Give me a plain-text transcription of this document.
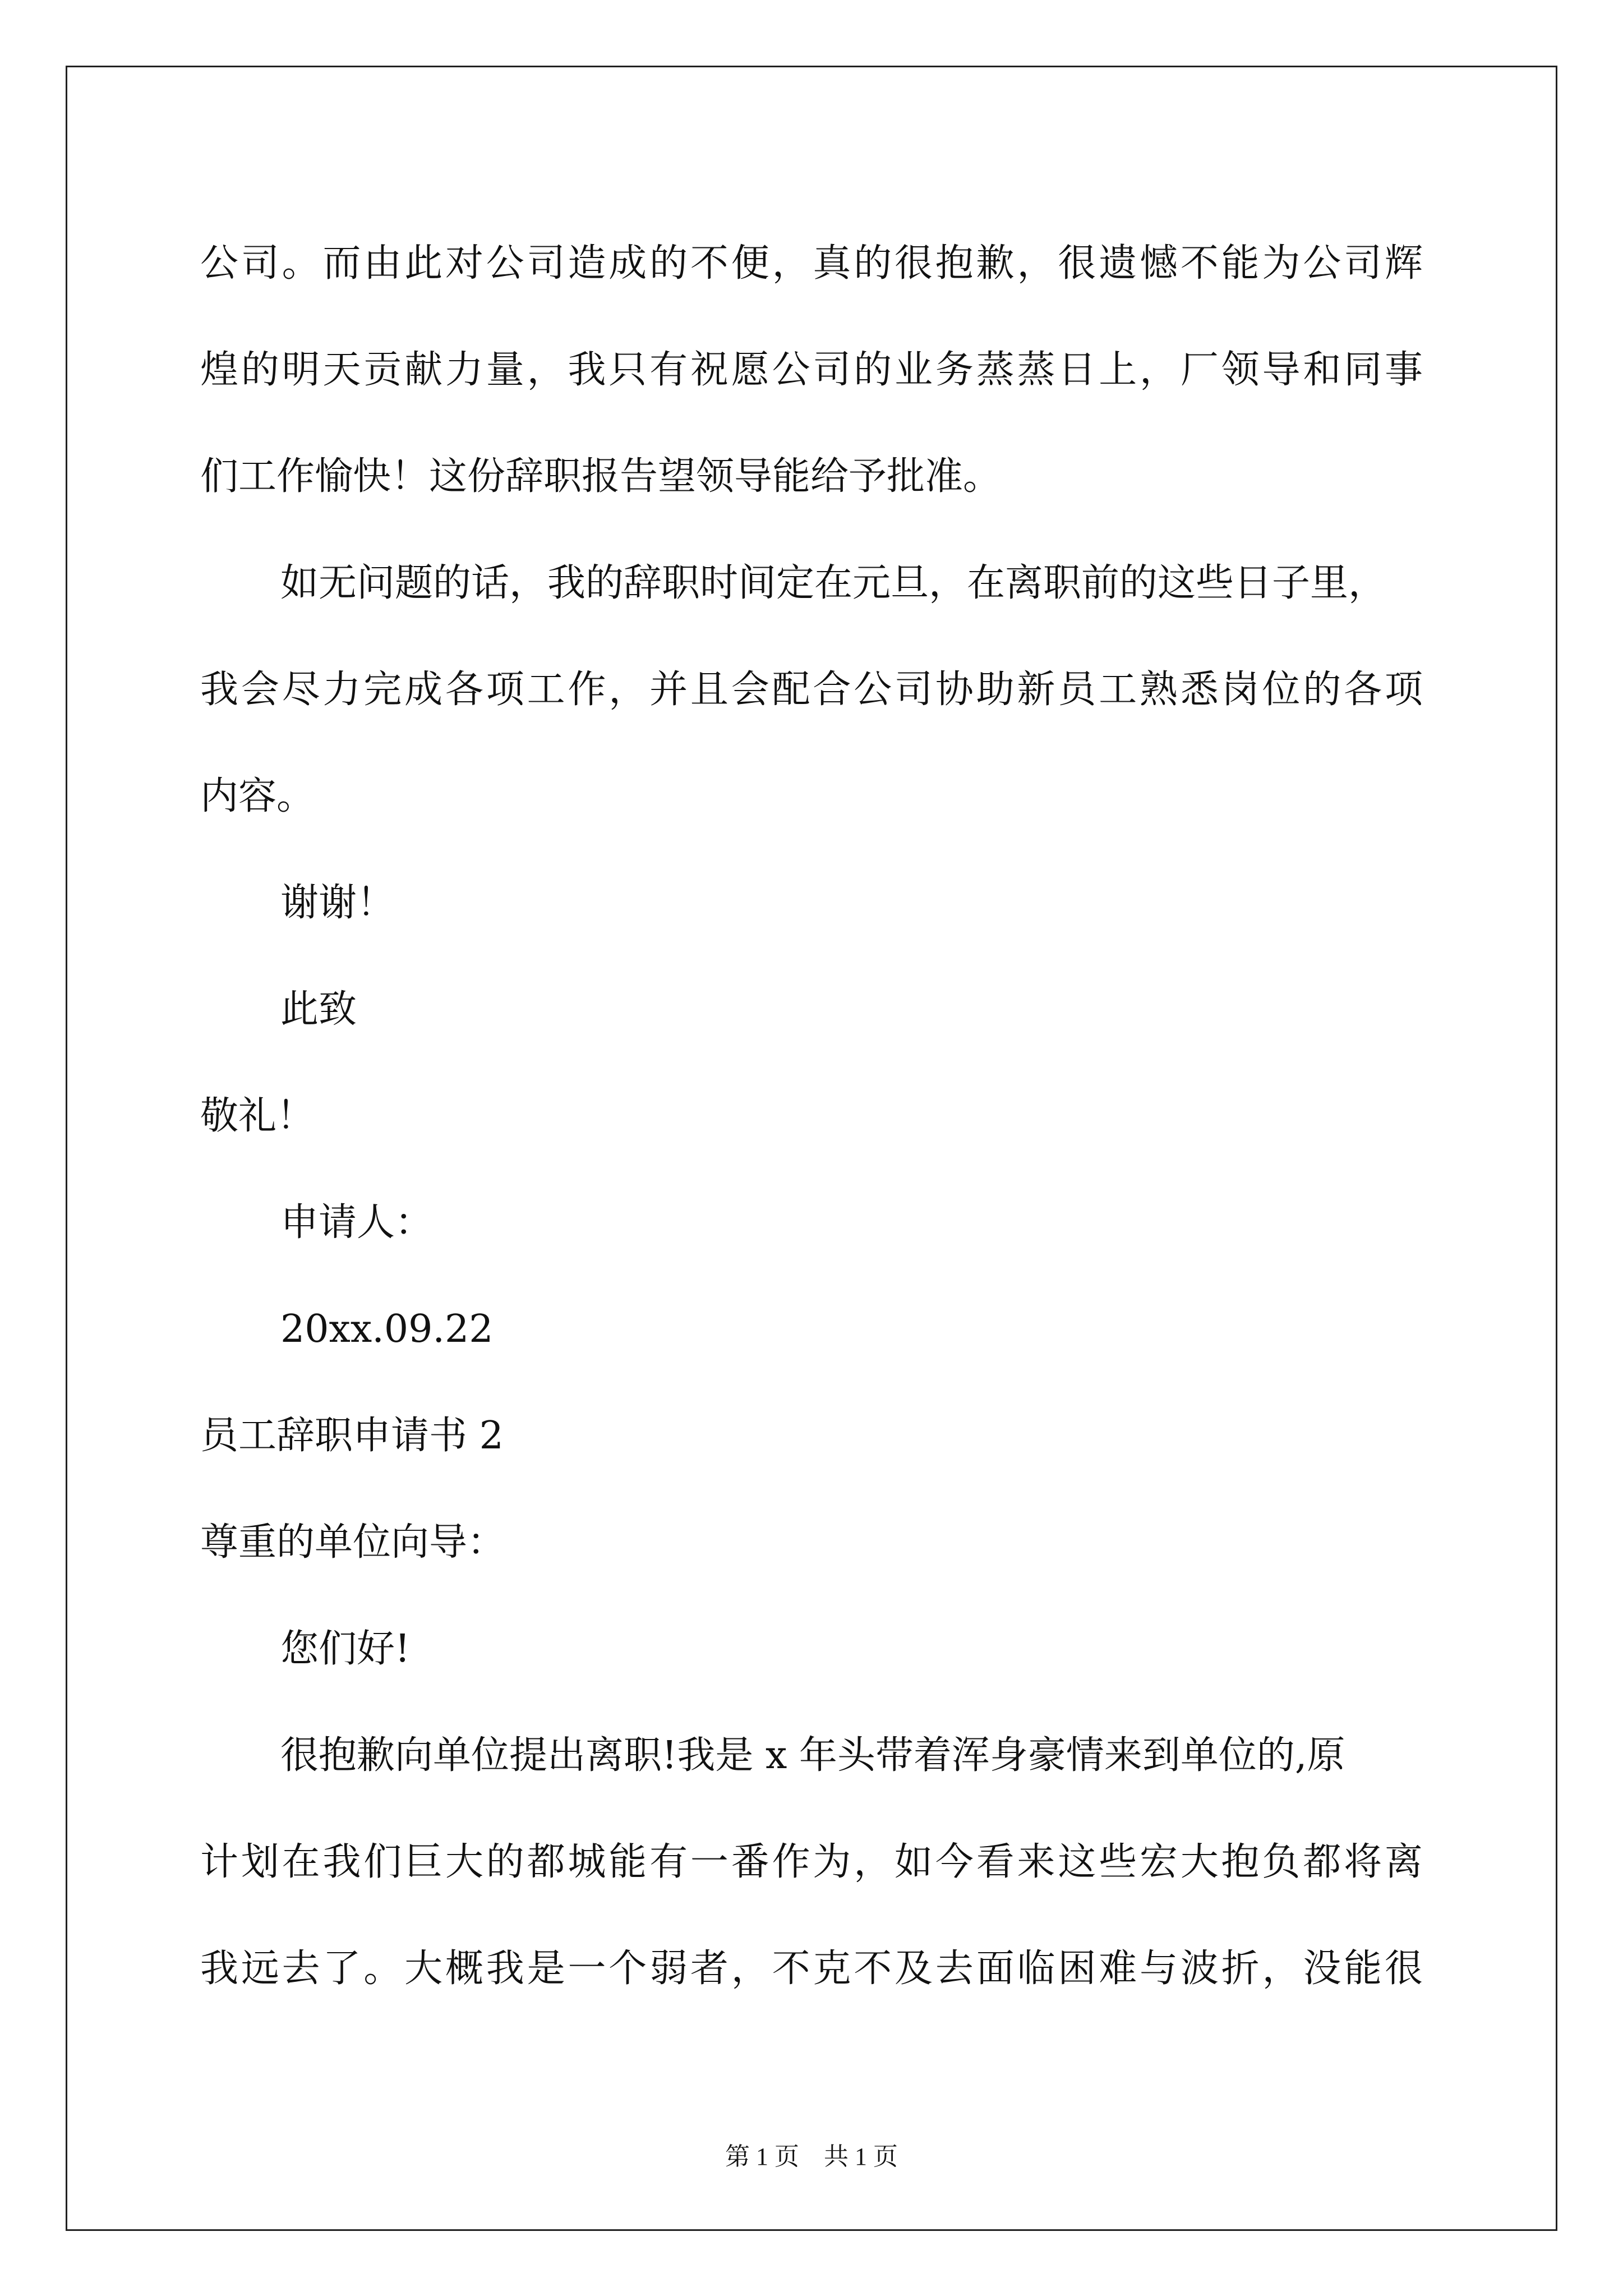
公司。而由此对公司造成的不便，真的很抱歉，很遗憾不能为公司辉
煌的明天贡献力量，我只有祝愿公司的业务蒸蒸日上，厂领导和同事
们工作愉快！这份辞职报告望领导能给予批准。
如无问题的话，我的辞职时间定在元旦，在离职前的这些日子里，
我会尽力完成各项工作，并且会配合公司协助新员工熟悉岗位的各项
内容。
谢谢！
此致
敬礼！
申请人：
20xx.09.22
员工辞职申请书 2
尊重的单位向导：
您们好!
很抱歉向单位提出离职!我是 x 年头带着浑身豪情来到单位的,原
计划在我们巨大的都城能有一番作为，如今看来这些宏大抱负都将离
我远去了。大概我是一个弱者，不克不及去面临困难与波折，没能很
第 1 页　共 1 页
